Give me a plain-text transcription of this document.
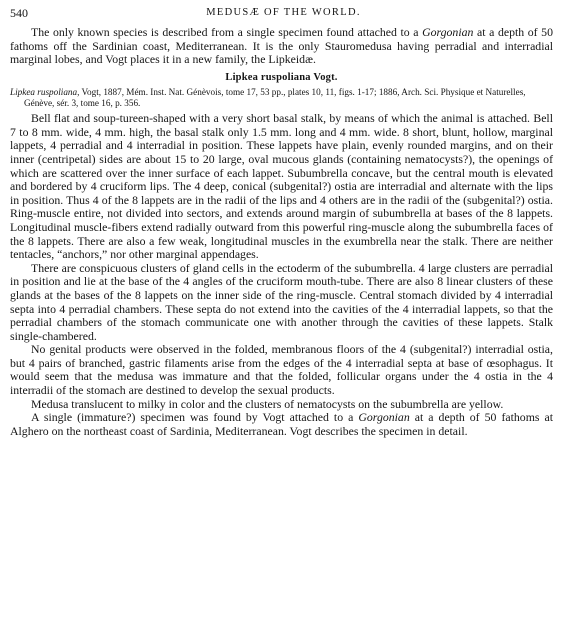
540	MEDUSÆ OF THE WORLD.

The only known species is described from a single specimen found attached to a Gorgonian at a depth of 50 fathoms off the Sardinian coast, Mediterranean. It is the only Stauromedusa having perradial and interradial marginal lobes, and Vogt places it in a new family, the Lipkeidæ.

Lipkea ruspoliana Vogt.
Lipkea ruspoliana, Vogt, 1887, Mém. Inst. Nat. Génèvois, tome 17, 53 pp., plates 10, 11, figs. 1-17; 1886, Arch. Sci. Physique et Naturelles, Génève, sér. 3, tome 16, p. 356.

Bell flat and soup-tureen-shaped with a very short basal stalk, by means of which the animal is attached. Bell 7 to 8 mm. wide, 4 mm. high, the basal stalk only 1.5 mm. long and 4 mm. wide. 8 short, blunt, hollow, marginal lappets, 4 perradial and 4 interradial in position. These lappets have plain, evenly rounded margins, and on their inner (centripetal) sides are about 15 to 20 large, oval mucous glands (containing nematocysts?), the openings of which are scattered over the inner surface of each lappet. Subumbrella concave, but the central mouth is elevated and bordered by 4 cruciform lips. The 4 deep, conical (subgenital?) ostia are interradial and alternate with the lips in position. Thus 4 of the 8 lappets are in the radii of the lips and 4 others are in the radii of the (subgenital?) ostia. Ring-muscle entire, not divided into sectors, and extends around margin of subumbrella at bases of the 8 lappets. Longitudinal muscle-fibers extend radially outward from this powerful ring-muscle along the subumbrella faces of the 8 lappets. There are also a few weak, longitudinal muscles in the exumbrella near the stalk. There are neither tentacles, “anchors,” nor other marginal appendages.

There are conspicuous clusters of gland cells in the ectoderm of the subumbrella. 4 large clusters are perradial in position and lie at the base of the 4 angles of the cruciform mouth-tube. There are also 8 linear clusters of these glands at the bases of the 8 lappets on the inner side of the ring-muscle. Central stomach divided by 4 interradial septa into 4 perradial chambers. These septa do not extend into the cavities of the 4 interradial lappets, so that the perradial chambers of the stomach communicate one with another through the cavities of these lappets. Stalk single-chambered.

No genital products were observed in the folded, membranous floors of the 4 (subgenital?) interradial ostia, but 4 pairs of branched, gastric filaments arise from the edges of the 4 interradial septa at base of œsophagus. It would seem that the medusa was immature and that the folded, follicular organs under the 4 ostia in the 4 interradii of the stomach are destined to develop the sexual products.

Medusa translucent to milky in color and the clusters of nematocysts on the subumbrella are yellow.

A single (immature?) specimen was found by Vogt attached to a Gorgonian at a depth of 50 fathoms at Alghero on the northeast coast of Sardinia, Mediterranean. Vogt describes the specimen in detail.
